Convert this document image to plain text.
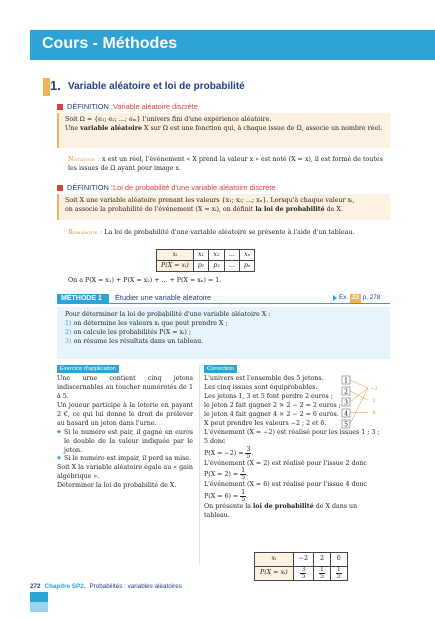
Cours - Méthodes
1. Variable aléatoire et loi de probabilité
DÉFINITION : Variable aléatoire discrète

Soit Ω = {e₁; e₂; ...; eₘ} l'univers fini d'une expérience aléatoire.

Une variable aléatoire X sur Ω est une fonction qui, à chaque issue de Ω, associe un nombre réel.

Notation : x est un réel, l'événement « X prend la valeur x » est noté (X = x), il est formé de toutes les issues de Ω ayant pour image x.
DÉFINITION : Loi de probabilité d'une variable aléatoire discrète

Soit X une variable aléatoire prenant les valeurs {x₁; x₂; ...; xₙ}. Lorsqu'à chaque valeur xᵢ,

on associe la probabilité de l'événement (X = xᵢ), on définit la loi de probabilité de X.

Remarque : La loi de probabilité d'une variable aléatoire se présente à l'aide d'un tableau.
xᵢ	x₁	x₂	...	xₙ
P(X = xᵢ)	p₁	p₂	...	pₙ
On a P(X = x₁) + P(X = x₂) + ... + P(X = xₙ) = 1.
MÉTHODE 1	Étudier une variable aléatoire	Ex. 23 p. 278

Pour déterminer la loi de probabilité d'une variable aléatoire X :

1) on détermine les valeurs xᵢ que peut prendre X ;

2) on calcule les probabilités P(X = xᵢ) ;

3) on résume les résultats dans un tableau.

Exercice d'application

Une urne contient cinq jetons indiscernables au toucher numérotés de 1 à 5.

Un joueur participe à la loterie en payant 2 €, ce qui lui donne le droit de prélever au hasard un jeton dans l'urne.

◆ Si le numéro est pair, il gagne en euros le double de la valeur indiquée par le jeton.
◆ Si le numéro est impair, il perd sa mise.

Soit X la variable aléatoire égale au « gain algébrique ».

Déterminer la loi de probabilité de X.

Correction

L'univers est l'ensemble des 5 jetons.

Les cinq issues sont équiprobables.

Les jetons 1, 3 et 5 font perdre 2 euros ;

le jeton 2 fait gagner 2 × 2 − 2 = 2 euros ;

le jeton 4 fait gagner 4 × 2 − 2 = 6 euros.

X peut prendre les valeurs −2 ; 2 et 6.

L'événement (X = −2) est réalisé pour les issues 1 ; 3 ; 5 donc

$P(X = -2) = \frac{3}{5}$ .

L'événement (X = 2) est réalisé pour l'issue 2 donc

$P(X = 2) = \frac{1}{5}$ .

L'événement (X = 6) est réalisé pour l'issue 4 donc

$P(X = 6) = \frac{1}{5}$ .

On présente la loi de probabilité de X dans un tableau.

1
2
3
4
5
−2
2
6
xᵢ	−2	2	6
P(X = xᵢ)	$\frac{3}{5}$	$\frac{1}{5}$	$\frac{1}{5}$
272 Chapitre SP2. Probabilités : variables aléatoires
